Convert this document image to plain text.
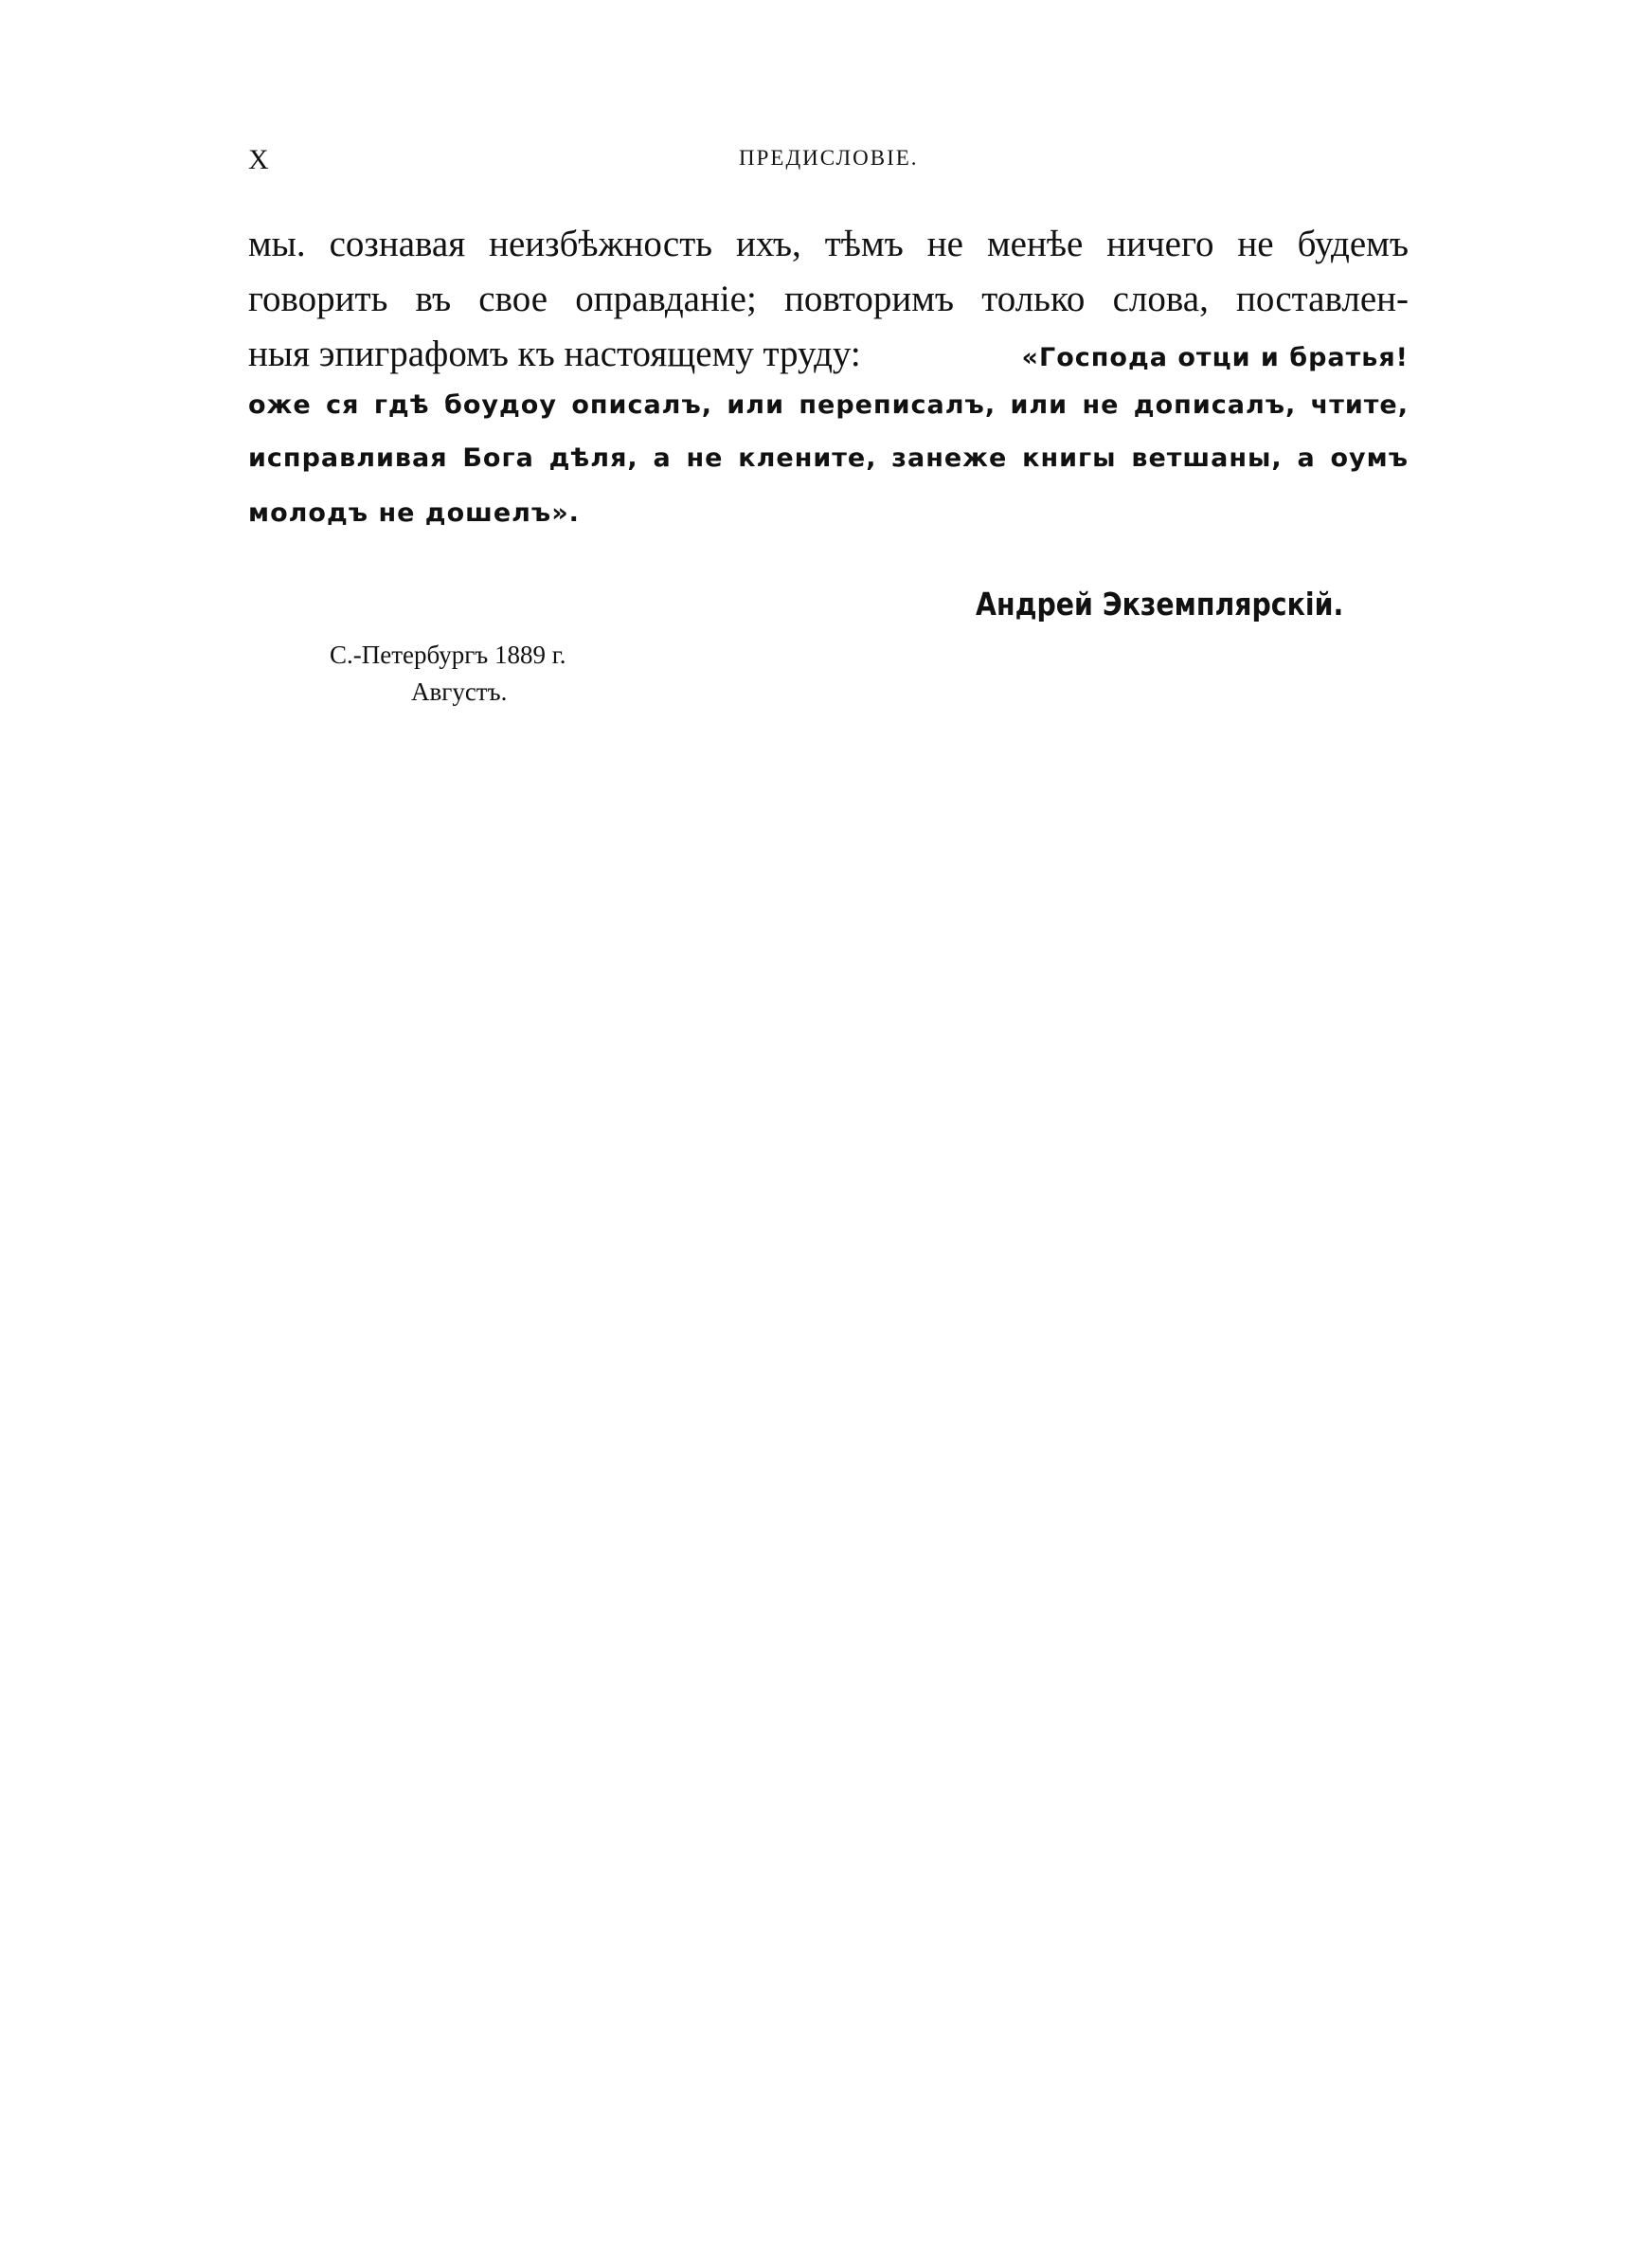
X	ПРЕДИСЛОВІЕ.
мы. сознавая неизбѣжность ихъ, тѣмъ не менѣе ничего не будемъ
говорить въ свое оправданіе; повторимъ только слова, поставлен-
ныя эпиграфомъ къ настоящему труду:	«Господа отци и братья!
оже ся гдѣ боудоу описалъ, или переписалъ, или не дописалъ, чтите,
исправливая Бога дѣля, а не клените, занеже книгы ветшаны, а оумъ
молодъ не дошелъ».
Андрей Экземплярскій.
С.-Петербургъ 1889 г.
Августъ.
